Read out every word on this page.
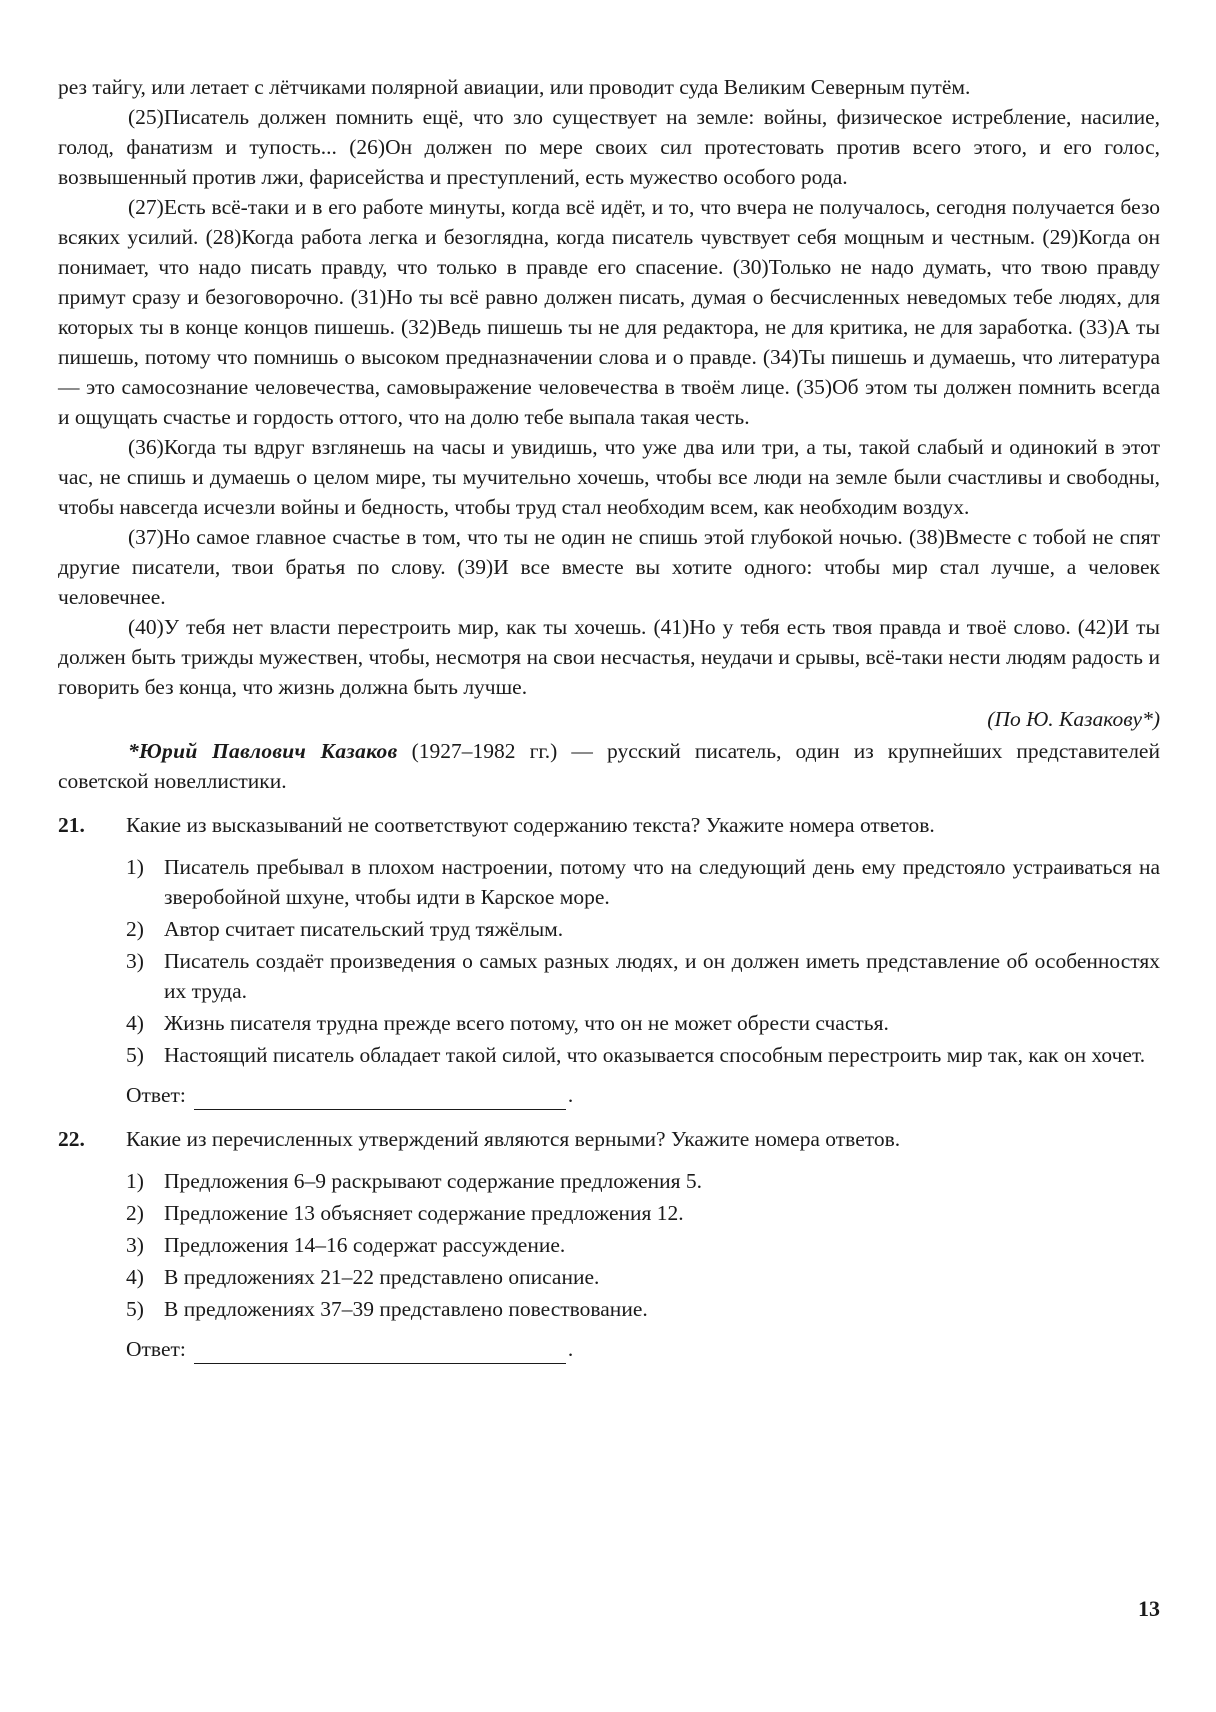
рез тайгу, или летает с лётчиками полярной авиации, или проводит суда Великим Северным путём.

(25)Писатель должен помнить ещё, что зло существует на земле: войны, физическое истребление, насилие, голод, фанатизм и тупость... (26)Он должен по мере своих сил протестовать против всего этого, и его голос, возвышенный против лжи, фарисейства и преступлений, есть мужество особого рода.

(27)Есть всё-таки и в его работе минуты, когда всё идёт, и то, что вчера не получалось, сегодня получается безо всяких усилий. (28)Когда работа легка и безоглядна, когда писатель чувствует себя мощным и честным. (29)Когда он понимает, что надо писать правду, что только в правде его спасение. (30)Только не надо думать, что твою правду примут сразу и безоговорочно. (31)Но ты всё равно должен писать, думая о бесчисленных неведомых тебе людях, для которых ты в конце концов пишешь. (32)Ведь пишешь ты не для редактора, не для критика, не для заработка. (33)А ты пишешь, потому что помнишь о высоком предназначении слова и о правде. (34)Ты пишешь и думаешь, что литература — это самосознание человечества, самовыражение человечества в твоём лице. (35)Об этом ты должен помнить всегда и ощущать счастье и гордость оттого, что на долю тебе выпала такая честь.

(36)Когда ты вдруг взглянешь на часы и увидишь, что уже два или три, а ты, такой слабый и одинокий в этот час, не спишь и думаешь о целом мире, ты мучительно хочешь, чтобы все люди на земле были счастливы и свободны, чтобы навсегда исчезли войны и бедность, чтобы труд стал необходим всем, как необходим воздух.

(37)Но самое главное счастье в том, что ты не один не спишь этой глубокой ночью. (38)Вместе с тобой не спят другие писатели, твои братья по слову. (39)И все вместе вы хотите одного: чтобы мир стал лучше, а человек человечнее.

(40)У тебя нет власти перестроить мир, как ты хочешь. (41)Но у тебя есть твоя правда и твоё слово. (42)И ты должен быть трижды мужествен, чтобы, несмотря на свои несчастья, неудачи и срывы, всё-таки нести людям радость и говорить без конца, что жизнь должна быть лучше.

(По Ю. Казакову*)

*Юрий Павлович Казаков (1927–1982 гг.) — русский писатель, один из крупнейших представителей советской новеллистики.

21.	Какие из высказываний не соответствуют содержанию текста? Укажите номера ответов.

1) Писатель пребывал в плохом настроении, потому что на следующий день ему предстояло устраиваться на зверобойной шхуне, чтобы идти в Карское море.
2) Автор считает писательский труд тяжёлым.
3) Писатель создаёт произведения о самых разных людях, и он должен иметь представление об особенностях их труда.
4) Жизнь писателя трудна прежде всего потому, что он не может обрести счастья.
5) Настоящий писатель обладает такой силой, что оказывается способным перестроить мир так, как он хочет.
Ответ:	.
22.	Какие из перечисленных утверждений являются верными? Укажите номера ответов.

1) Предложения 6–9 раскрывают содержание предложения 5.
2) Предложение 13 объясняет содержание предложения 12.
3) Предложения 14–16 содержат рассуждение.
4) В предложениях 21–22 представлено описание.
5) В предложениях 37–39 представлено повествование.
Ответ:	.
13
